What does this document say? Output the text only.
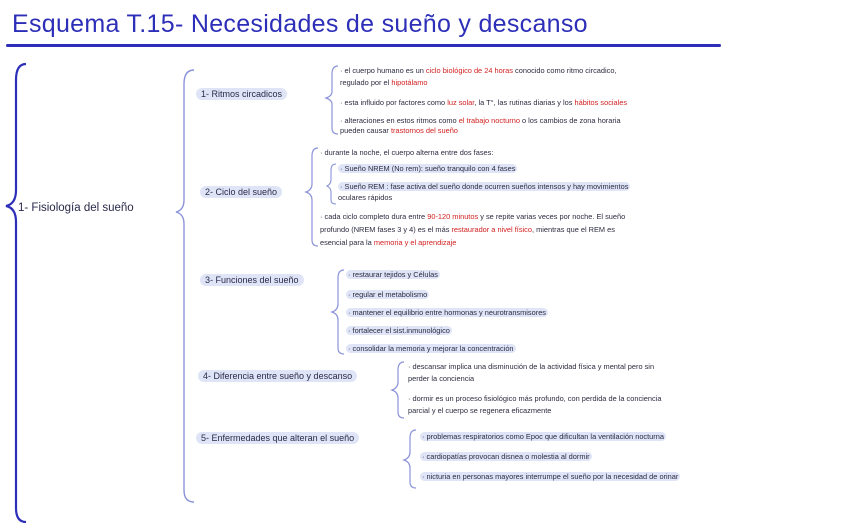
Esquema T.15- Necesidades de sueño y descanso
1- Fisiología del sueño
1- Ritmos circadicos
2- Ciclo del sueño
3- Funciones del sueño
4- Diferencia entre sueño y descanso
5- Enfermedades que alteran el sueño
· el cuerpo humano es un ciclo biológico de 24 horas conocido como ritmo circadico,
regulado por el hipotálamo
· esta influido por factores como luz solar, la T°, las rutinas diarias y los hábitos sociales
· alteraciones en estos ritmos como el trabajo nocturno o los cambios de zona horaria
pueden causar trastornos del sueño
· durante la noche, el cuerpo alterna entre dos fases:
· Sueño NREM (No rem): sueño tranquilo con 4 fases
· Sueño REM : fase activa del sueño donde ocurren sueños intensos y hay movimientos
oculares rápidos
· cada ciclo completo dura entre 90-120 minutos y se repite varias veces por noche. El sueño
profundo (NREM fases 3 y 4) es el más restaurador a nivel físico, mientras que el REM es
esencial para la memoria y el aprendizaje
· restaurar tejidos y Células
· regular el metabolismo
· mantener el equilibrio entre hormonas y neurotransmisores
· fortalecer el sist.inmunológico
· consolidar la memoria y mejorar la concentración
· descansar implica una disminución de la actividad física y mental pero sin
perder la conciencia
· dormir es un proceso fisiológico más profundo, con perdida de la conciencia
parcial y el cuerpo se regenera eficazmente
· problemas respiratorios como Epoc que dificultan la ventilación nocturna
· cardiopatías provocan disnea o molestia al dormir
· nicturia en personas mayores interrumpe el sueño por la necesidad de orinar
